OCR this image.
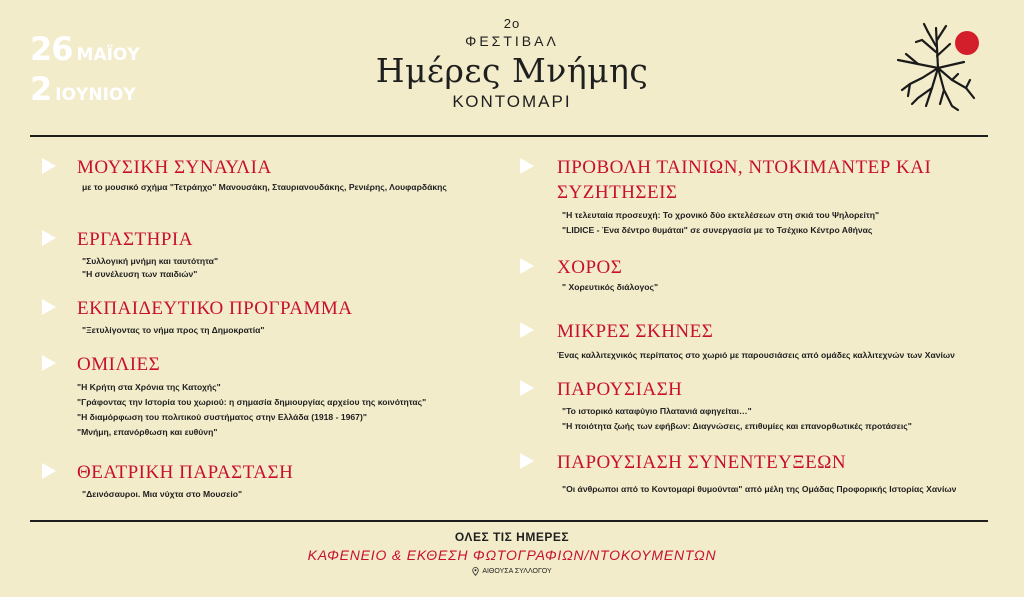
26 ΜΑΪΟΥ
2 ΙΟΥΝΙΟΥ
2ο
ΦΕΣΤΙΒΑΛ
Ημέρες Μνήμης
ΚΟΝΤΟΜΑΡΙ
ΜΟΥΣΙΚΗ ΣΥΝΑΥΛΙΑ
με το μουσικό σχήμα "Τετράηχο" Μανουσάκη, Σταυριανουδάκης, Ρενιέρης, Λουφαρδάκης
ΕΡΓΑΣΤΗΡΙΑ
"Συλλογική μνήμη και ταυτότητα"
"Η συνέλευση των παιδιών"
ΕΚΠΑΙΔΕΥΤΙΚΟ ΠΡΟΓΡΑΜΜΑ
"Ξετυλίγοντας το νήμα προς τη Δημοκρατία"
ΟΜΙΛΙΕΣ
"Η Κρήτη στα Χρόνια της Κατοχής"
"Γράφοντας την Ιστορία του χωριού: η σημασία δημιουργίας αρχείου της κοινότητας"
"Η διαμόρφωση του πολιτικού συστήματος στην Ελλάδα (1918 - 1967)"
"Μνήμη, επανόρθωση και ευθύνη"
ΘΕΑΤΡΙΚΗ ΠΑΡΑΣΤΑΣΗ
"Δεινόσαυροι. Μια νύχτα στο Μουσείο"
ΠΡΟΒΟΛΗ ΤΑΙΝΙΩΝ, ΝΤΟΚΙΜΑΝΤΕΡ ΚΑΙ
ΣΥΖΗΤΗΣΕΙΣ
"Η τελευταία προσευχή: Το χρονικό δύο εκτελέσεων στη σκιά του Ψηλορείτη"
"LIDICE - Ένα δέντρο θυμάται" σε συνεργασία με το Τσέχικο Κέντρο Αθήνας
ΧΟΡΟΣ
" Χορευτικός διάλογος"
ΜΙΚΡΕΣ ΣΚΗΝΕΣ
Ένας καλλιτεχνικός περίπατος στο χωριό με παρουσιάσεις από ομάδες καλλιτεχνών των Χανίων
ΠΑΡΟΥΣΙΑΣΗ
"Το ιστορικό καταφύγιο Πλατανιά αφηγείται…"
"Η ποιότητα ζωής των εφήβων: Διαγνώσεις, επιθυμίες και επανορθωτικές προτάσεις"
ΠΑΡΟΥΣΙΑΣΗ ΣΥΝΕΝΤΕΥΞΕΩΝ
"Οι άνθρωποι από το Κοντομαρί θυμούνται" από μέλη της Ομάδας Προφορικής Ιστορίας Χανίων
ΟΛΕΣ ΤΙΣ ΗΜΕΡΕΣ
ΚΑΦΕΝΕΙΟ & ΕΚΘΕΣΗ ΦΩΤΟΓΡΑΦΙΩΝ/ΝΤΟΚΟΥΜΕΝΤΩΝ
ΑΙΘΟΥΣΑ ΣΥΛΛΟΓΟΥ
